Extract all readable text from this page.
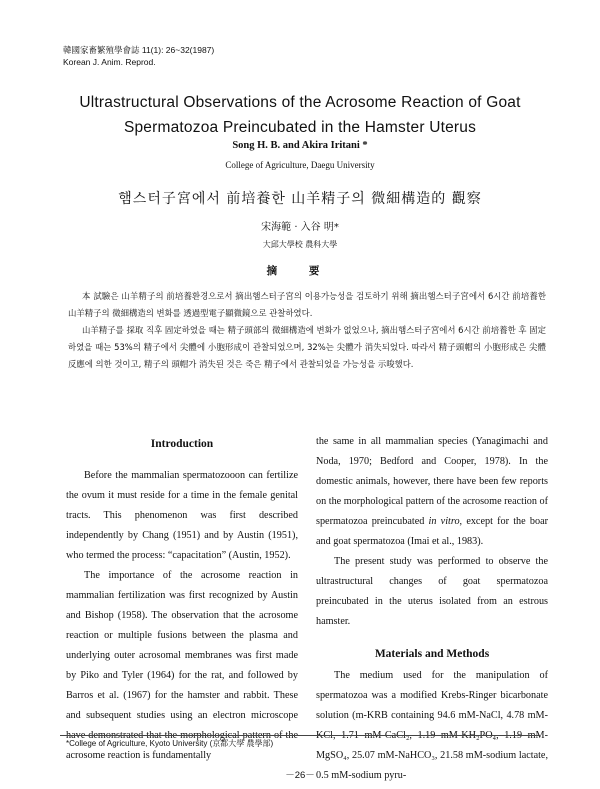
韓國家畜繁殖學會誌 11(1): 26~32(1987)
Korean J. Anim. Reprod.
Ultrastructural Observations of the Acrosome Reaction of Goat
Spermatozoa Preincubated in the Hamster Uterus
Song H. B. and Akira Iritani *
College of Agriculture, Daegu University
햄스터子宮에서 前培養한 山羊精子의 微細構造的 觀察
宋海範 · 入谷 明*
大邱大學校 農科大學
摘 要

本 試驗은 山羊精子의 前培養환경으로서 摘出햄스터子宮의 이용가능성을 검토하기 위해 摘出햄스터子宮에서 6시간 前培養한 山羊精子의 微細構造의 변화를 透過型電子顯微鏡으로 관찰하였다.

山羊精子를 採取 직후 固定하였을 때는 精子頭部의 微細構造에 변화가 없었으나, 摘出햄스터子宮에서 6시간 前培養한 후 固定하였을 때는 53%의 精子에서 尖體에 小胞形成이 관찰되었으며, 32%는 尖體가 消失되었다. 따라서 精子頭帽의 小胞形成은 尖體反應에 의한 것이고, 精子의 頭帽가 消失된 것은 죽은 精子에서 관찰되었을 가능성을 示唆했다.

Introduction

Before the mammalian spermatozooon can fertilize the ovum it must reside for a time in the female genital tracts. This phenomenon was first described independently by Chang (1951) and by Austin (1951), who termed the process: “capacitation” (Austin, 1952).

The importance of the acrosome reaction in mammalian fertilization was first recognized by Austin and Bishop (1958). The observation that the acrosome reaction or multiple fusions between the plasma and underlying outer acrosomal membranes was first made by Piko and Tyler (1964) for the rat, and followed by Barros et al. (1967) for the hamster and rabbit. These and subsequent studies using an electron microscope have demonstrated that the morphological pattern of the acrosome reaction is fundamentally

the same in all mammalian species (Yanagimachi and Noda, 1970; Bedford and Cooper, 1978). In the domestic animals, however, there have been few reports on the morphological pattern of the acrosome reaction of spermatozoa preincubated in vitro, except for the boar and goat spermatozoa (Imai et al., 1983).

The present study was performed to observe the ultrastructural changes of goat spermatozoa preincubated in the uterus isolated from an estrous hamster.

Materials and Methods

The medium used for the manipulation of spermatozoa was a modified Krebs-Ringer bicarbonate solution (m-KRB containing 94.6 mM-NaCl, 4.78 mM-KCl, 1.71 mM-CaCl₂, 1.19 mM-KH₂PO₄, 1.19 mM-MgSO₄, 25.07 mM-NaHCO₃, 21.58 mM-sodium lactate, 0.5 mM-sodium pyru-

*College of Agriculture, Kyoto University (京都大學 農學部)
－26－
